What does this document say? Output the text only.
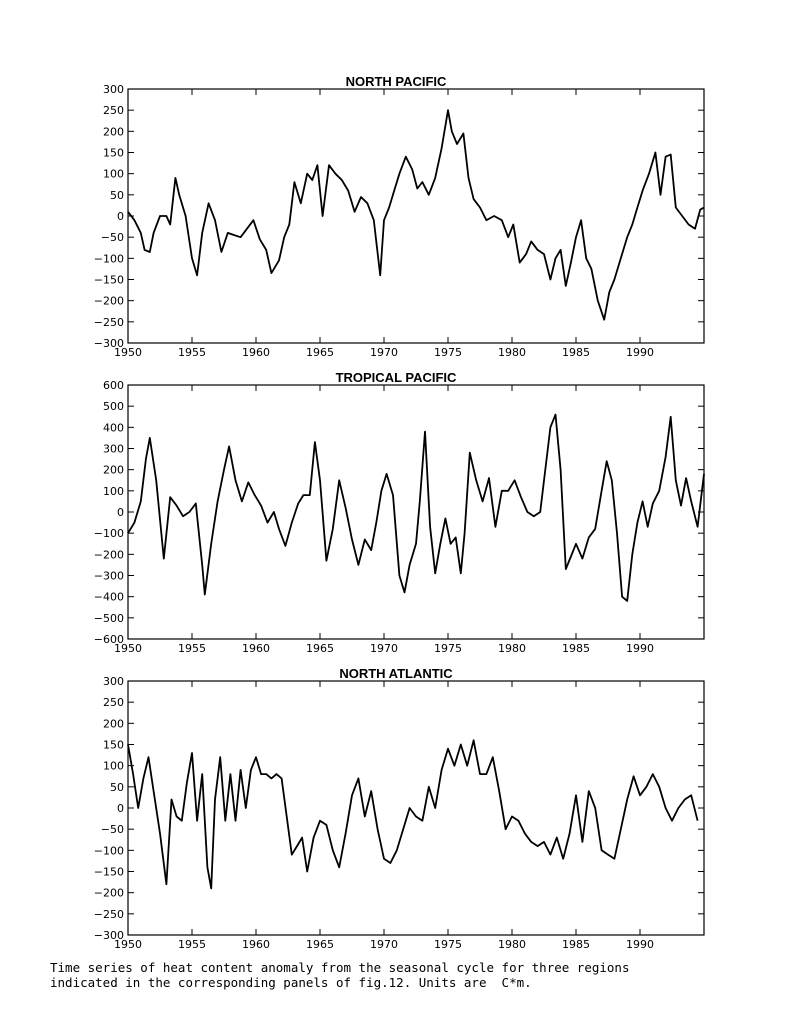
NORTH PACIFIC
−300
−250
−200
−150
−100
−50
0
50
100
150
200
250
300
1950	1955	1960	1965	1970	1975	1980	1985	1990
TROPICAL PACIFIC
−600
−500
−400
−300
−200
−100
0
100
200
300
400
500
600
1950	1955	1960	1965	1970	1975	1980	1985	1990
NORTH ATLANTIC
−300
−250
−200
−150
−100
−50
0
50
100
150
200
250
300
1950	1955	1960	1965	1970	1975	1980	1985	1990
Time series of heat content anomaly from the seasonal cycle for three regions
indicated in the corresponding panels of fig.12. Units are  C*m.
